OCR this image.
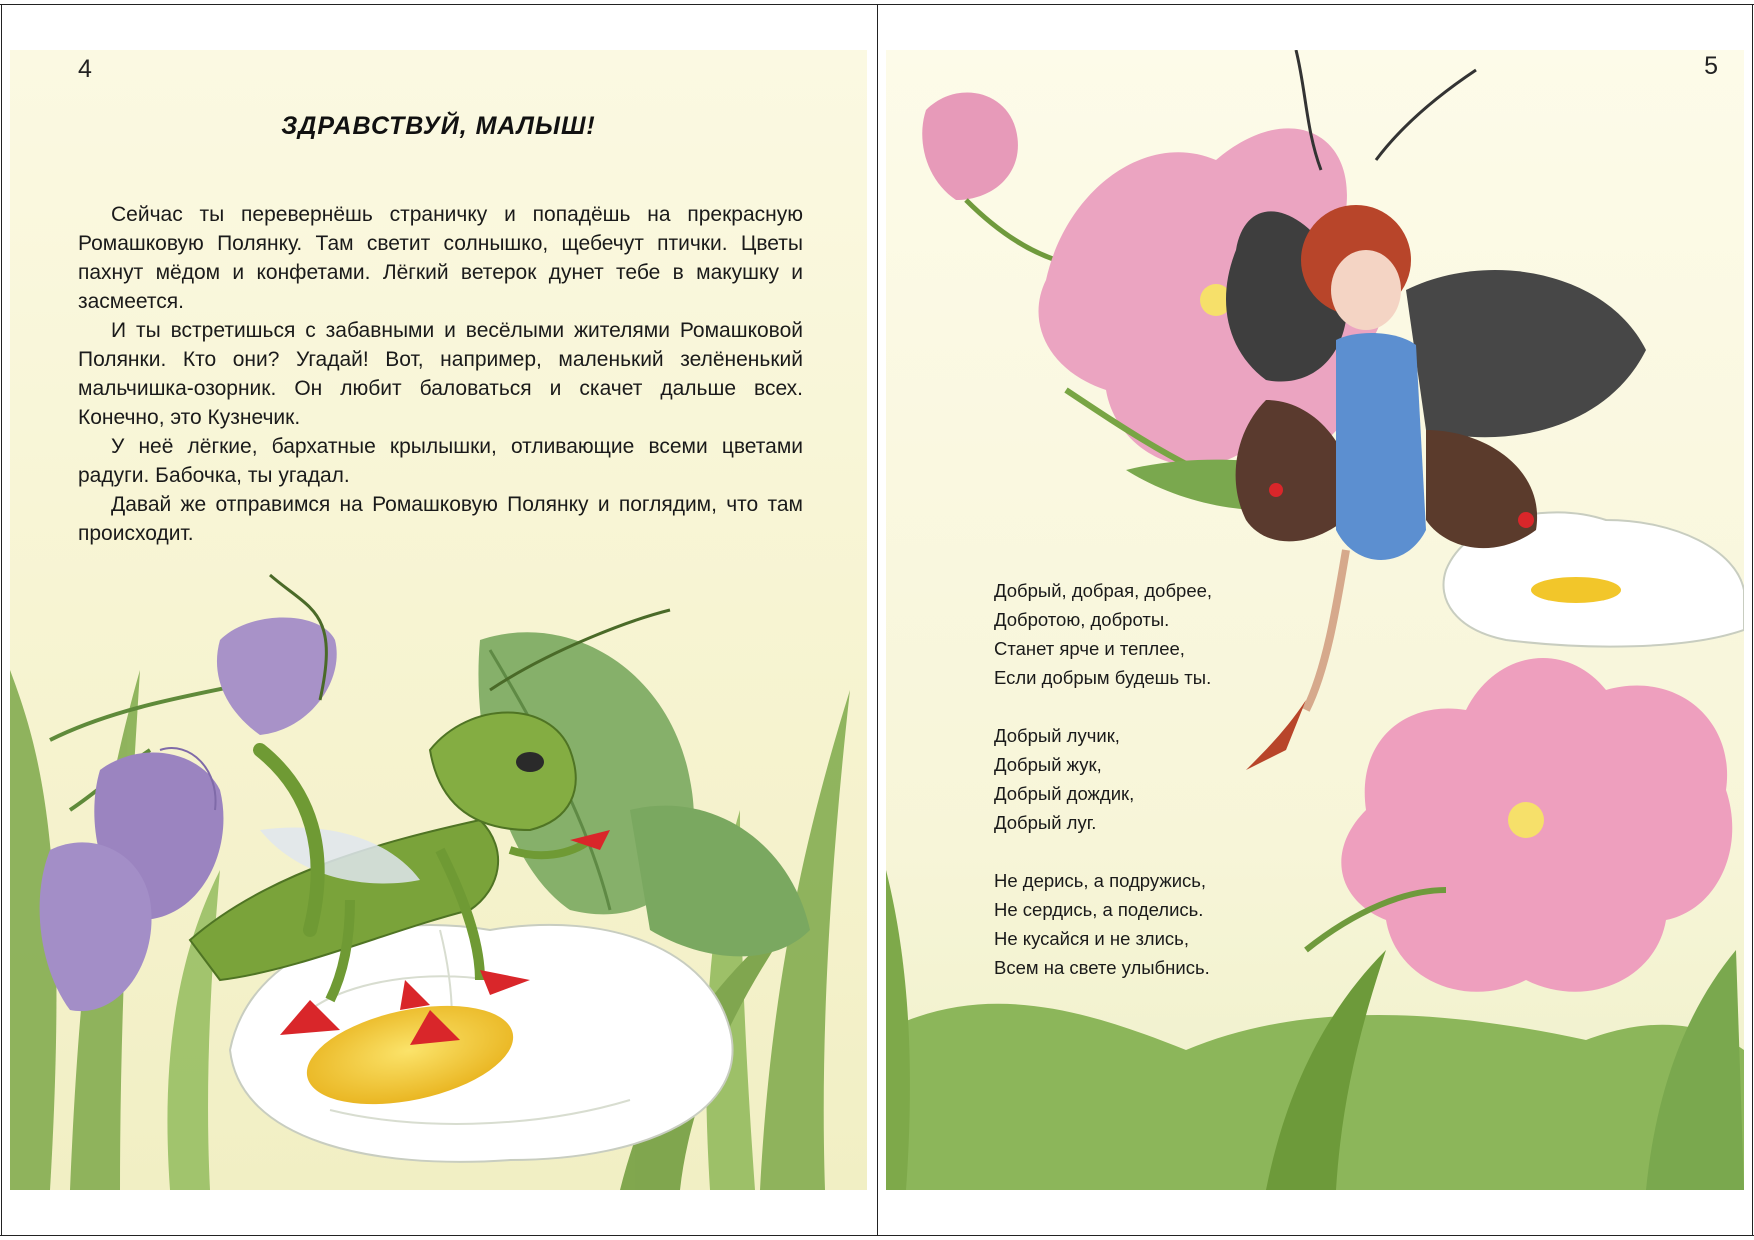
4
ЗДРАВСТВУЙ, МАЛЫШ!

Сейчас ты перевернёшь страничку и попадёшь на прекрасную Ромашковую Полянку. Там светит солнышко, щебечут птички. Цветы пахнут мёдом и конфетами. Лёгкий ветерок дунет тебе в макушку и засмеется.

И ты встретишься с забавными и весёлыми жителями Ромашковой Полянки. Кто они? Угадай! Вот, например, маленький зелёненький мальчишка-озорник. Он любит баловаться и скачет дальше всех. Конечно, это Кузнечик.

У неё лёгкие, бархатные крылышки, отливающие всеми цветами радуги. Бабочка, ты угадал.

Давай же отправимся на Ромашковую Полянку и поглядим, что там происходит.

5
Добрый, добрая, добрее,
Добротою, доброты.
Станет ярче и теплее,
Если добрым будешь ты.
Добрый лучик,
Добрый жук,
Добрый дождик,
Добрый луг.
Не дерись, а подружись,
Не сердись, а поделись.
Не кусайся и не злись,
Всем на свете улыбнись.
